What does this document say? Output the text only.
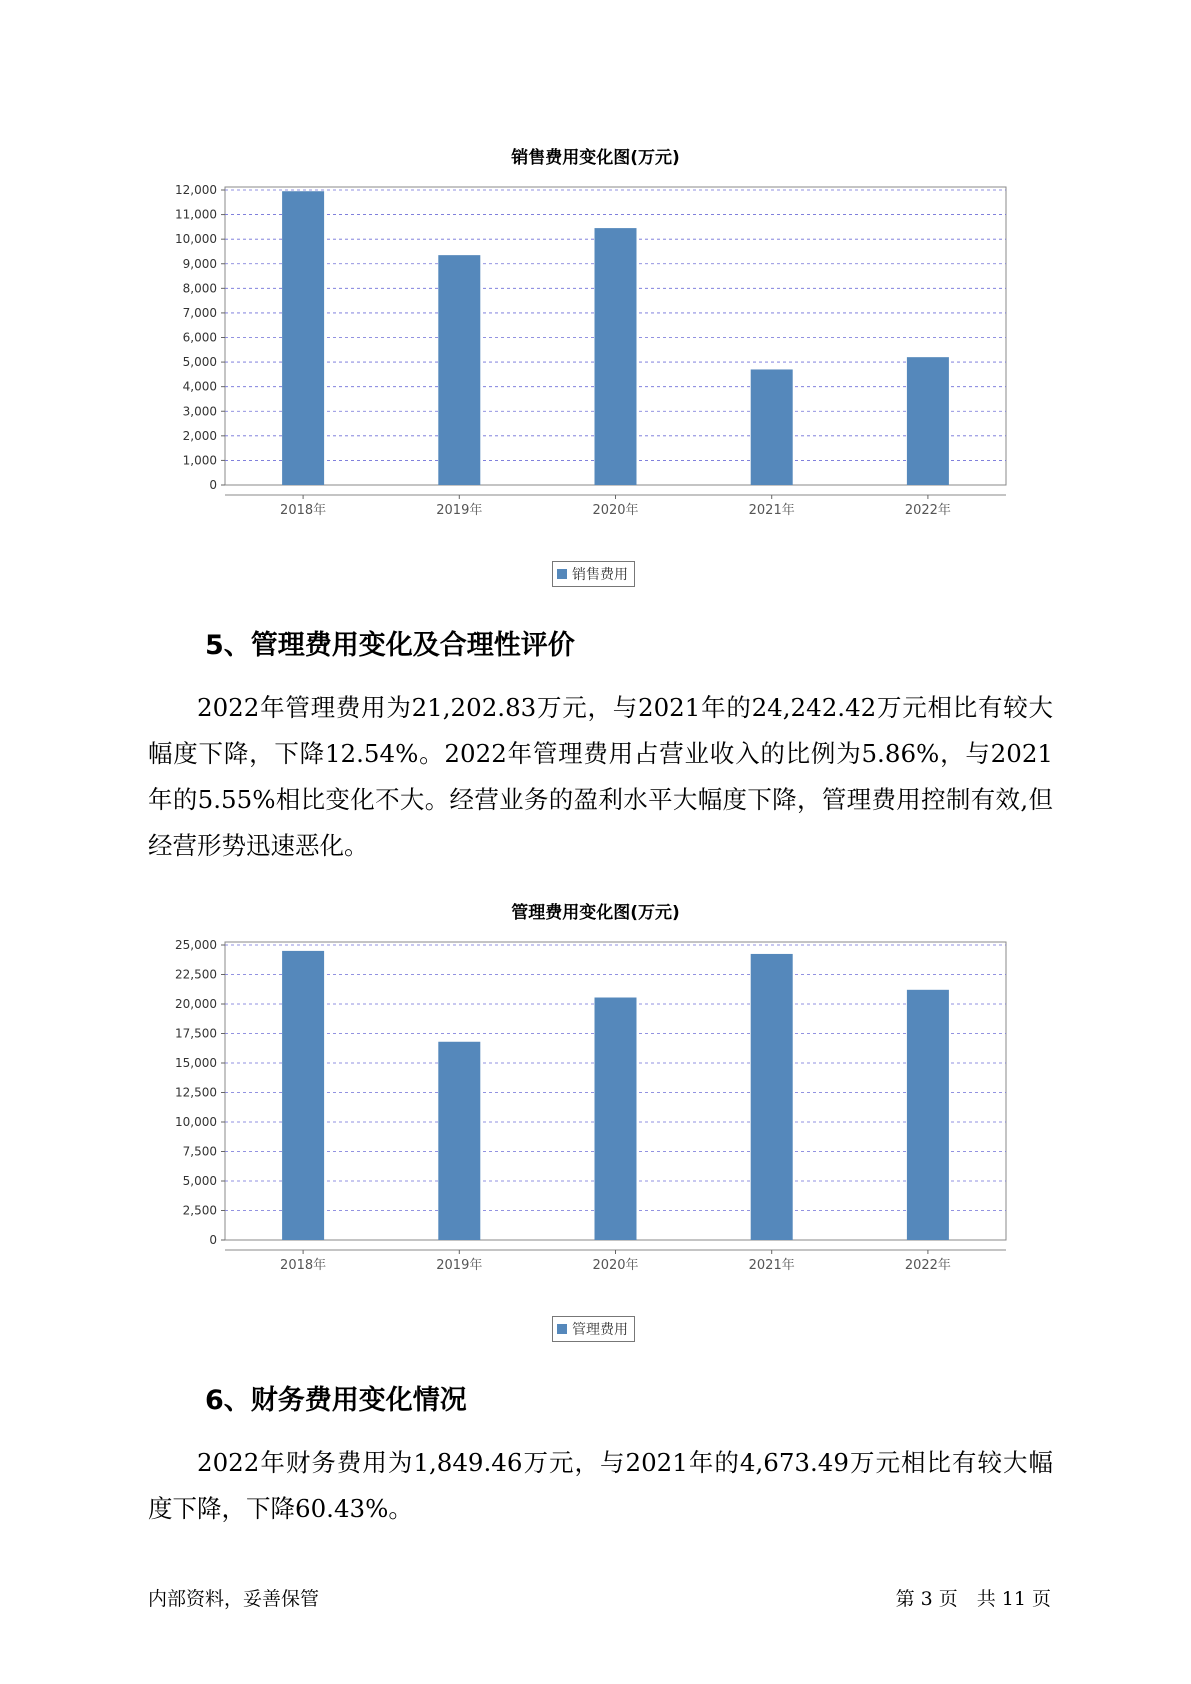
销售费用变化图(万元)
0
1,000
2,000
3,000
4,000
5,000
6,000
7,000
8,000
9,000
10,000
11,000
12,000
2018年	2019年	2020年	2021年	2022年
销售费用
5、管理费用变化及合理性评价
2022年管理费用为21,202.83万元，与2021年的24,242.42万元相比有较大幅度下降，下降12.54%。2022年管理费用占营业收入的比例为5.86%，与2021年的5.55%相比变化不大。经营业务的盈利水平大幅度下降，管理费用控制有效,但经营形势迅速恶化。
管理费用变化图(万元)
0
2,500
5,000
7,500
10,000
12,500
15,000
17,500
20,000
22,500
25,000
2018年	2019年	2020年	2021年	2022年
管理费用
6、财务费用变化情况
2022年财务费用为1,849.46万元，与2021年的4,673.49万元相比有较大幅度下降，下降60.43%。
内部资料，妥善保管	第 3 页　共 11 页
